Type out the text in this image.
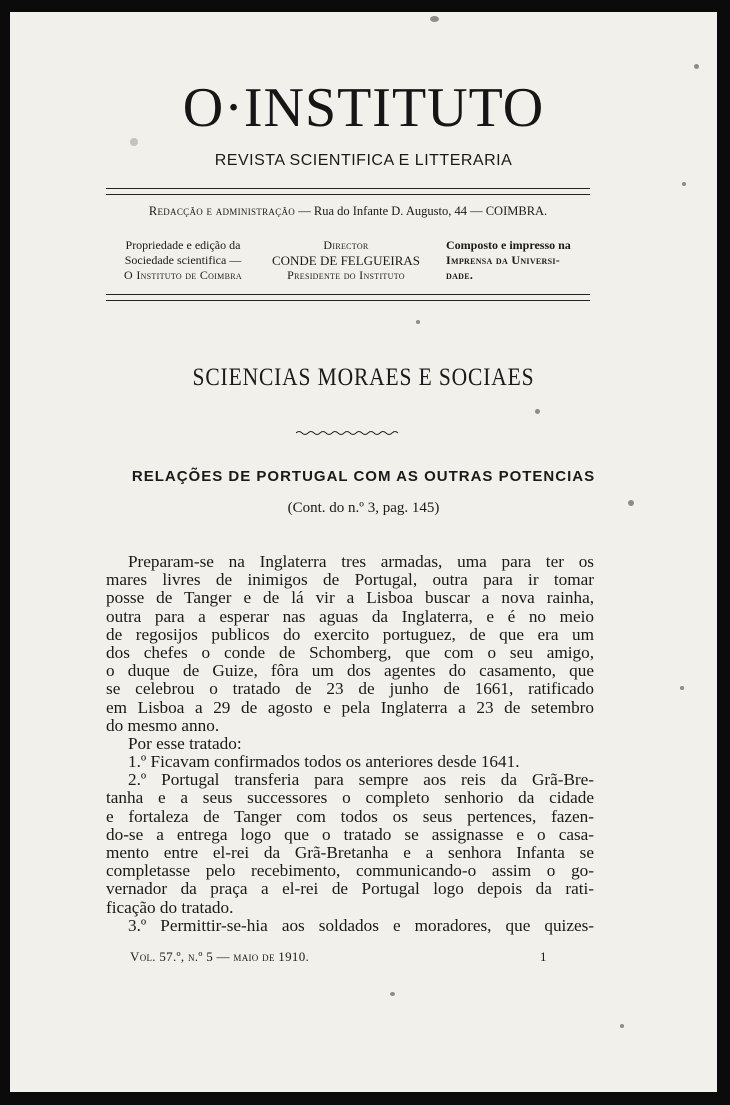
O·INSTITUTO
REVISTA SCIENTIFICA E LITTERARIA
Redacção e administração — Rua do Infante D. Augusto, 44 — COIMBRA.
Propriedade e edição da
Sociedade scientifica —
O Instituto de Coimbra
Director
CONDE DE FELGUEIRAS
Presidente do Instituto
Composto e impresso na
Imprensa da Universi-
dade.
SCIENCIAS MORAES E SOCIAES
RELAÇÕES DE PORTUGAL COM AS OUTRAS POTENCIAS
(Cont. do n.º 3, pag. 145)
Preparam-se na Inglaterra tres armadas, uma para ter os
mares livres de inimigos de Portugal, outra para ir tomar
posse de Tanger e de lá vir a Lisboa buscar a nova rainha,
outra para a esperar nas aguas da Inglaterra, e é no meio
de regosijos publicos do exercito portuguez, de que era um
dos chefes o conde de Schomberg, que com o seu amigo,
o duque de Guize, fôra um dos agentes do casamento, que
se celebrou o tratado de 23 de junho de 1661, ratificado
em Lisboa a 29 de agosto e pela Inglaterra a 23 de setembro
do mesmo anno.
Por esse tratado:
1.º Ficavam confirmados todos os anteriores desde 1641.
2.º Portugal transferia para sempre aos reis da Grã-Bre-
tanha e a seus successores o completo senhorio da cidade
e fortaleza de Tanger com todos os seus pertences, fazen-
do-se a entrega logo que o tratado se assignasse e o casa-
mento entre el-rei da Grã-Bretanha e a senhora Infanta se
completasse pelo recebimento, communicando-o assim o go-
vernador da praça a el-rei de Portugal logo depois da rati-
ficação do tratado.
3.º Permittir-se-hia aos soldados e moradores, que quizes-
Vol. 57.º, n.º 5 — maio de 1910.	1
